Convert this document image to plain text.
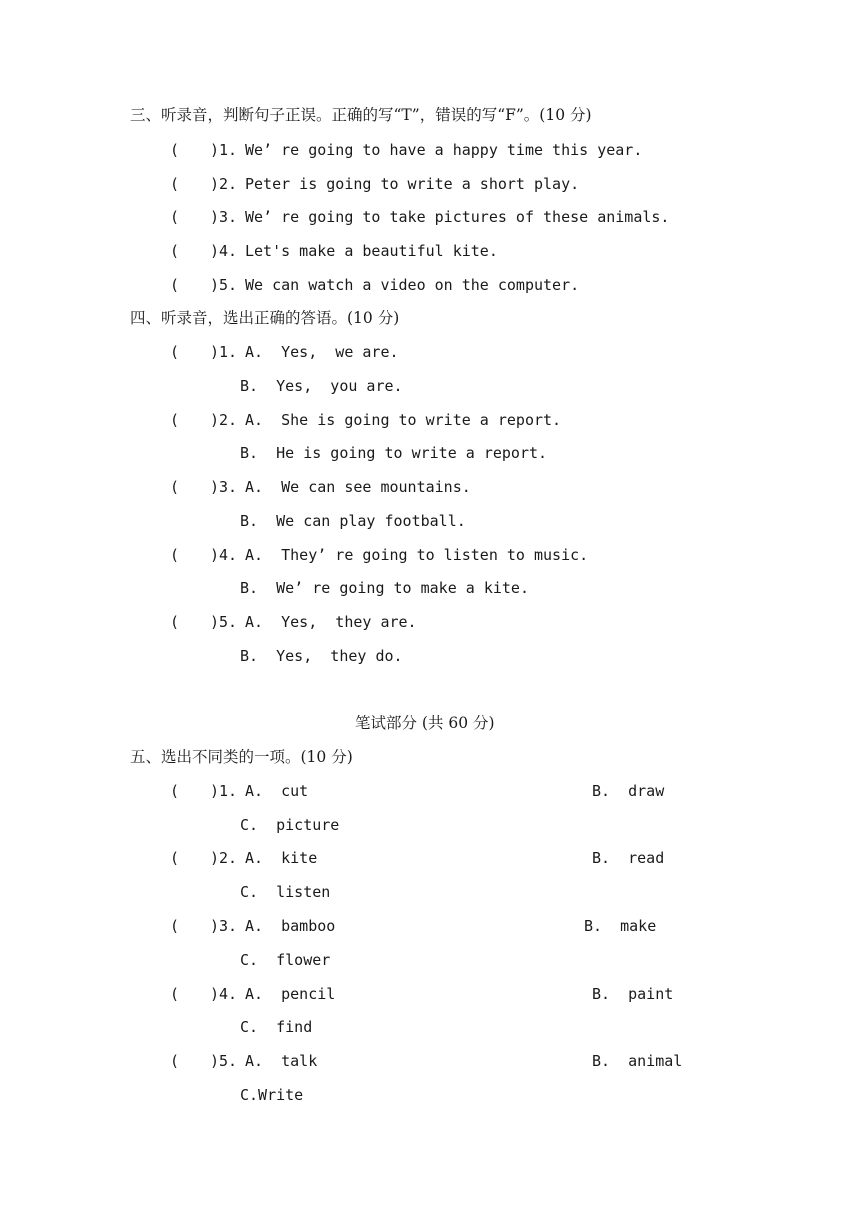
三、听录音，判断句子正误。正确的写“T”，错误的写“F”。(10 分)
( )1. We’ re going to have a happy time this year.
( )2. Peter is going to write a short play.
( )3. We’ re going to take pictures of these animals.
( )4. Let's make a beautiful kite.
( )5. We can watch a video on the computer.
四、听录音，选出正确的答语。(10 分)
( )1. A.  Yes,  we are.
B.  Yes,  you are.
( )2. A.  She is going to write a report.
B.  He is going to write a report.
( )3. A.  We can see mountains.
B.  We can play football.
( )4. A.  They’ re going to listen to music.
B.  We’ re going to make a kite.
( )5. A.  Yes,  they are.
B.  Yes,  they do.
笔试部分 (共 60 分)
五、选出不同类的一项。(10 分)
( )1. A.  cut	B.  draw
C.  picture
( )2. A.  kite	B.  read
C.  listen
( )3. A.  bamboo	B.  make
C.  flower
( )4. A.  pencil	B.  paint
C.  find
( )5. A.  talk	B.  animal
C.Write
